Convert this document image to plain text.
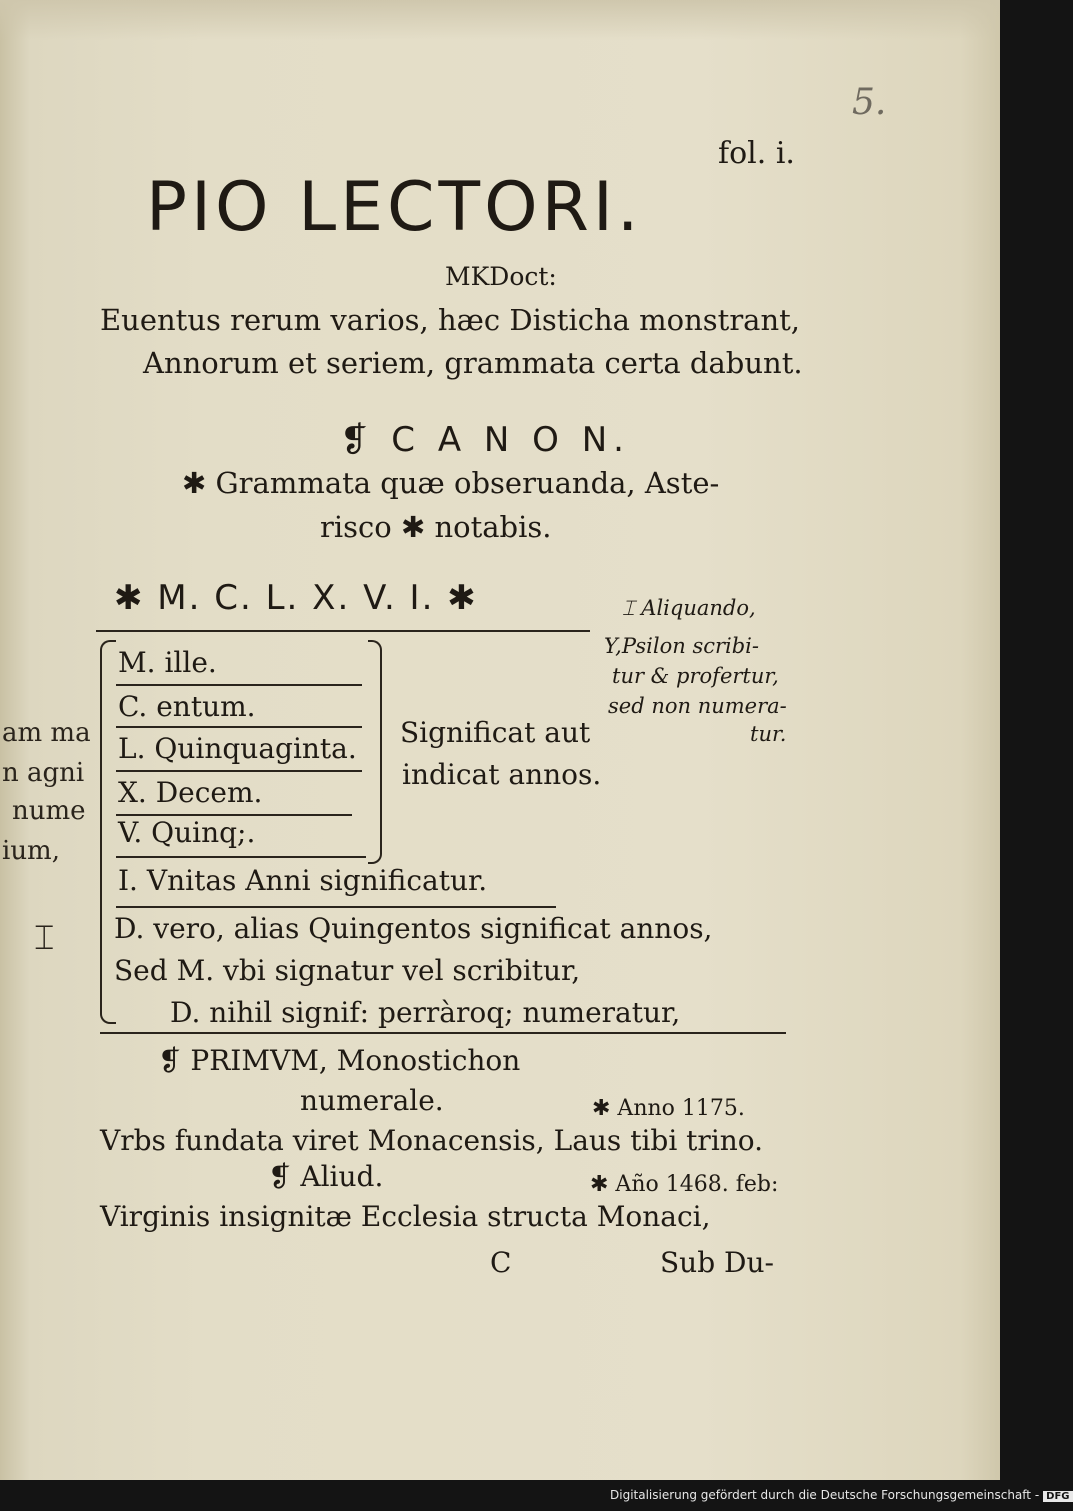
5.
fol. i.
PIO LECTORI.
MKDoct:
Euentus rerum varios, hæc Disticha monstrant,
Annorum et seriem, grammata certa dabunt.
❡ C A N O N.
✱ Grammata quæ obseruanda, Aste-
risco ✱ notabis.
✱ M. C. L. X. V. I. ✱	⌶ Aliquando,
Y,Psilon scribi-
tur & profertur,
sed non numera-
tur.
M. ille.
C. entum.
L. Quinquaginta.
X. Decem.
V. Quinq;.
Significat aut
indicat annos.
I. Vnitas Anni significatur.
D. vero, alias Quingentos significat annos,
Sed M. vbi signatur vel scribitur,
D. nihil signif: perràroq; numeratur,
❡ PRIMVM, Monostichon
numerale.	✱ Anno 1175.
Vrbs fundata viret Monacensis, Laus tibi trino.
❡ Aliud.	✱ Año 1468. feb:
Virginis insignitæ Ecclesia structa Monaci,
C	Sub Du-
am ma
n agni
nume
ium,
⌶
Digitalisierung gefördert durch die Deutsche Forschungsgemeinschaft - DFG
